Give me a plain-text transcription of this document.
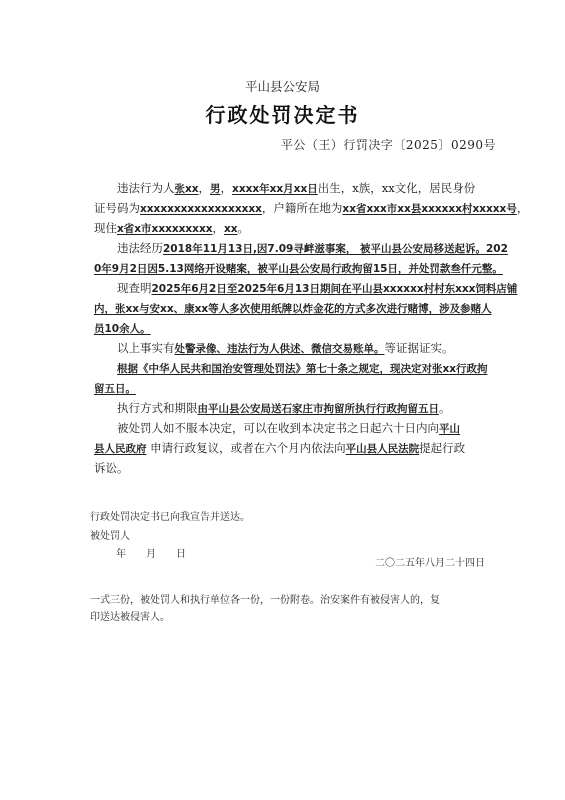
平山县公安局
行政处罚决定书
平公（王）行罚决字〔2025〕0290号
　　违法行为人张xx，男，xxxx年xx月xx日出生，x族，xx文化，居民身份
证号码为xxxxxxxxxxxxxxxxxx，户籍所在地为xx省xxx市xx县xxxxxx村xxxxx号，
现住x省x市xxxxxxxxx，xx。
　　违法经历2018年11月13日,因7.09寻衅滋事案， 被平山县公安局移送起诉。202
0年9月2日因5.13网络开设赌案，被平山县公安局行政拘留15日，并处罚款叁仟元整。
　　现查明2025年6月2日至2025年6月13日期间在平山县xxxxxx村村东xxx饲料店铺
内，张xx与安xx、康xx等人多次使用纸牌以炸金花的方式多次进行赌博，涉及参赌人
员10余人。
　　以上事实有处警录像、违法行为人供述、微信交易账单。等证据证实。
　　根据《中华人民共和国治安管理处罚法》第七十条之规定，现决定对张xx行政拘
留五日。
　　执行方式和期限由平山县公安局送石家庄市拘留所执行行政拘留五日。
　　被处罚人如不服本决定，可以在收到本决定书之日起六十日内向平山
县人民政府 申请行政复议，或者在六个月内依法向平山县人民法院提起行政
诉讼。
行政处罚决定书已向我宣告并送达。
被处罚人
年　　月　　日
二〇二五年八月二十四日
一式三份，被处罚人和执行单位各一份，一份附卷。治安案件有被侵害人的，复
印送达被侵害人。
